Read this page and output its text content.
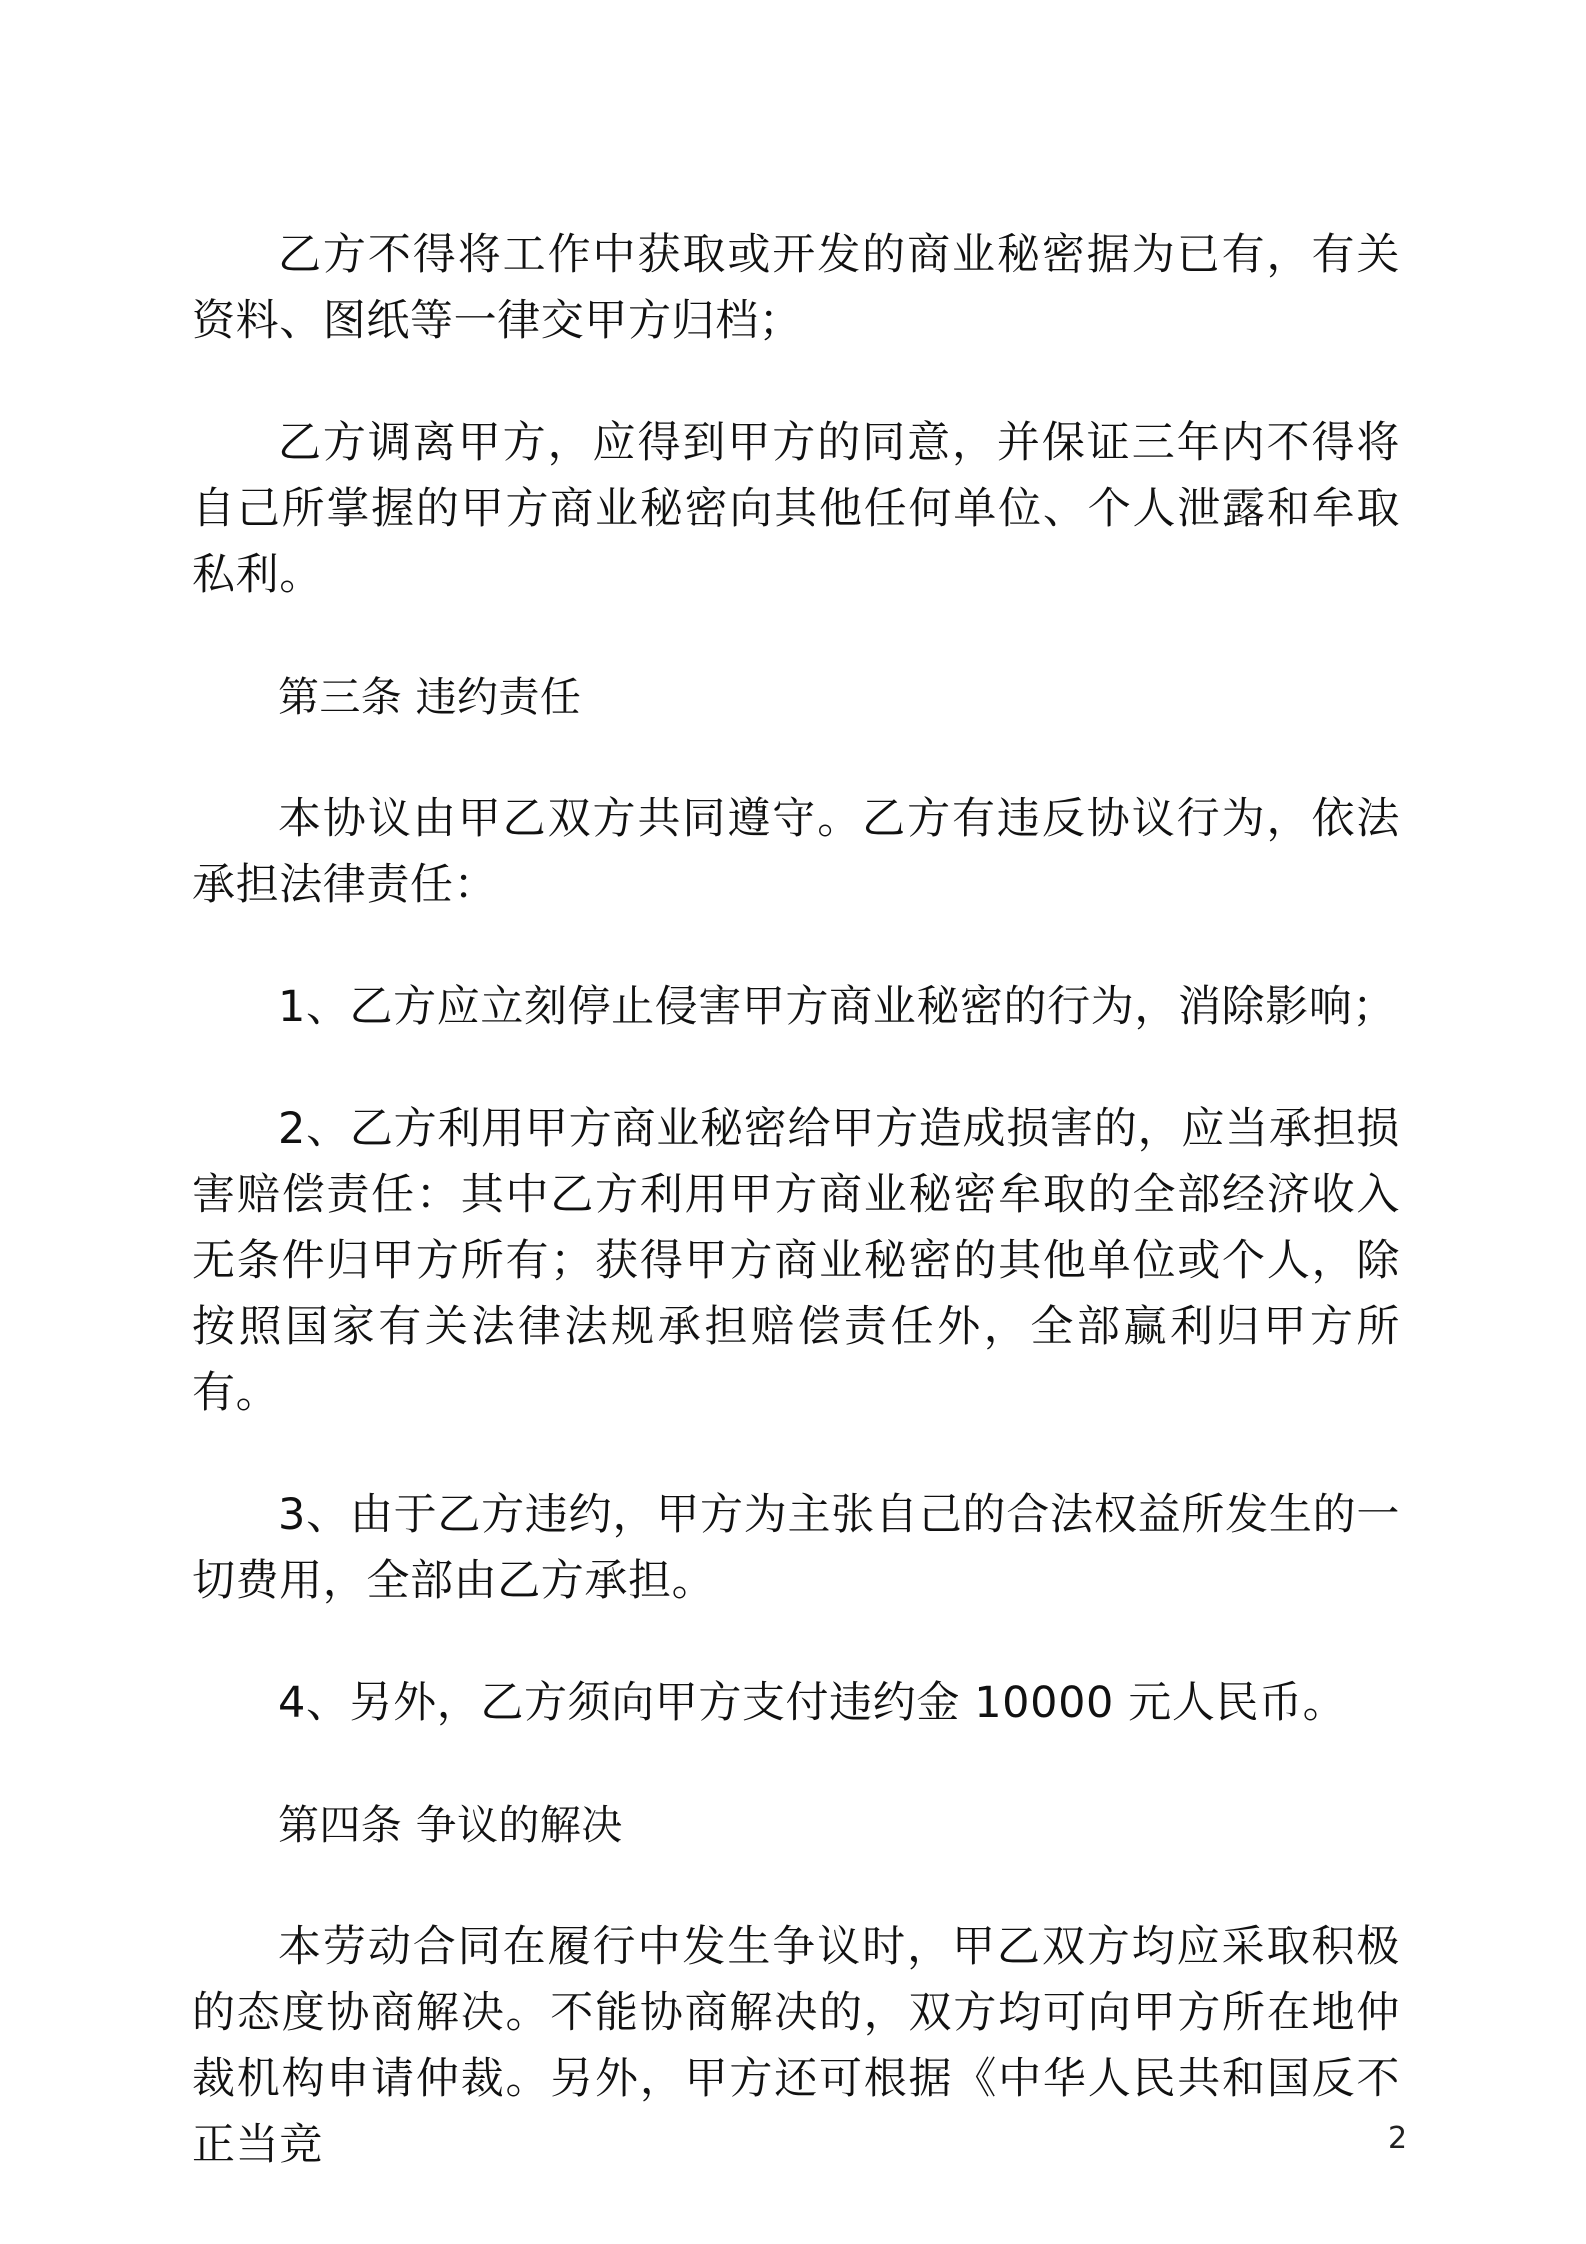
乙方不得将工作中获取或开发的商业秘密据为已有，有关资料、图纸等一律交甲方归档；

乙方调离甲方，应得到甲方的同意，并保证三年内不得将自己所掌握的甲方商业秘密向其他任何单位、个人泄露和牟取私利。

第三条 违约责任

本协议由甲乙双方共同遵守。乙方有违反协议行为，依法承担法律责任：

1、乙方应立刻停止侵害甲方商业秘密的行为，消除影响；

2、乙方利用甲方商业秘密给甲方造成损害的，应当承担损害赔偿责任：其中乙方利用甲方商业秘密牟取的全部经济收入无条件归甲方所有；获得甲方商业秘密的其他单位或个人，除按照国家有关法律法规承担赔偿责任外，全部赢利归甲方所有。

3、由于乙方违约，甲方为主张自己的合法权益所发生的一切费用，全部由乙方承担。

4、另外，乙方须向甲方支付违约金 10000 元人民币。

第四条 争议的解决

本劳动合同在履行中发生争议时，甲乙双方均应采取积极的态度协商解决。不能协商解决的，双方均可向甲方所在地仲裁机构申请仲裁。另外，甲方还可根据《中华人民共和国反不正当竞	2
